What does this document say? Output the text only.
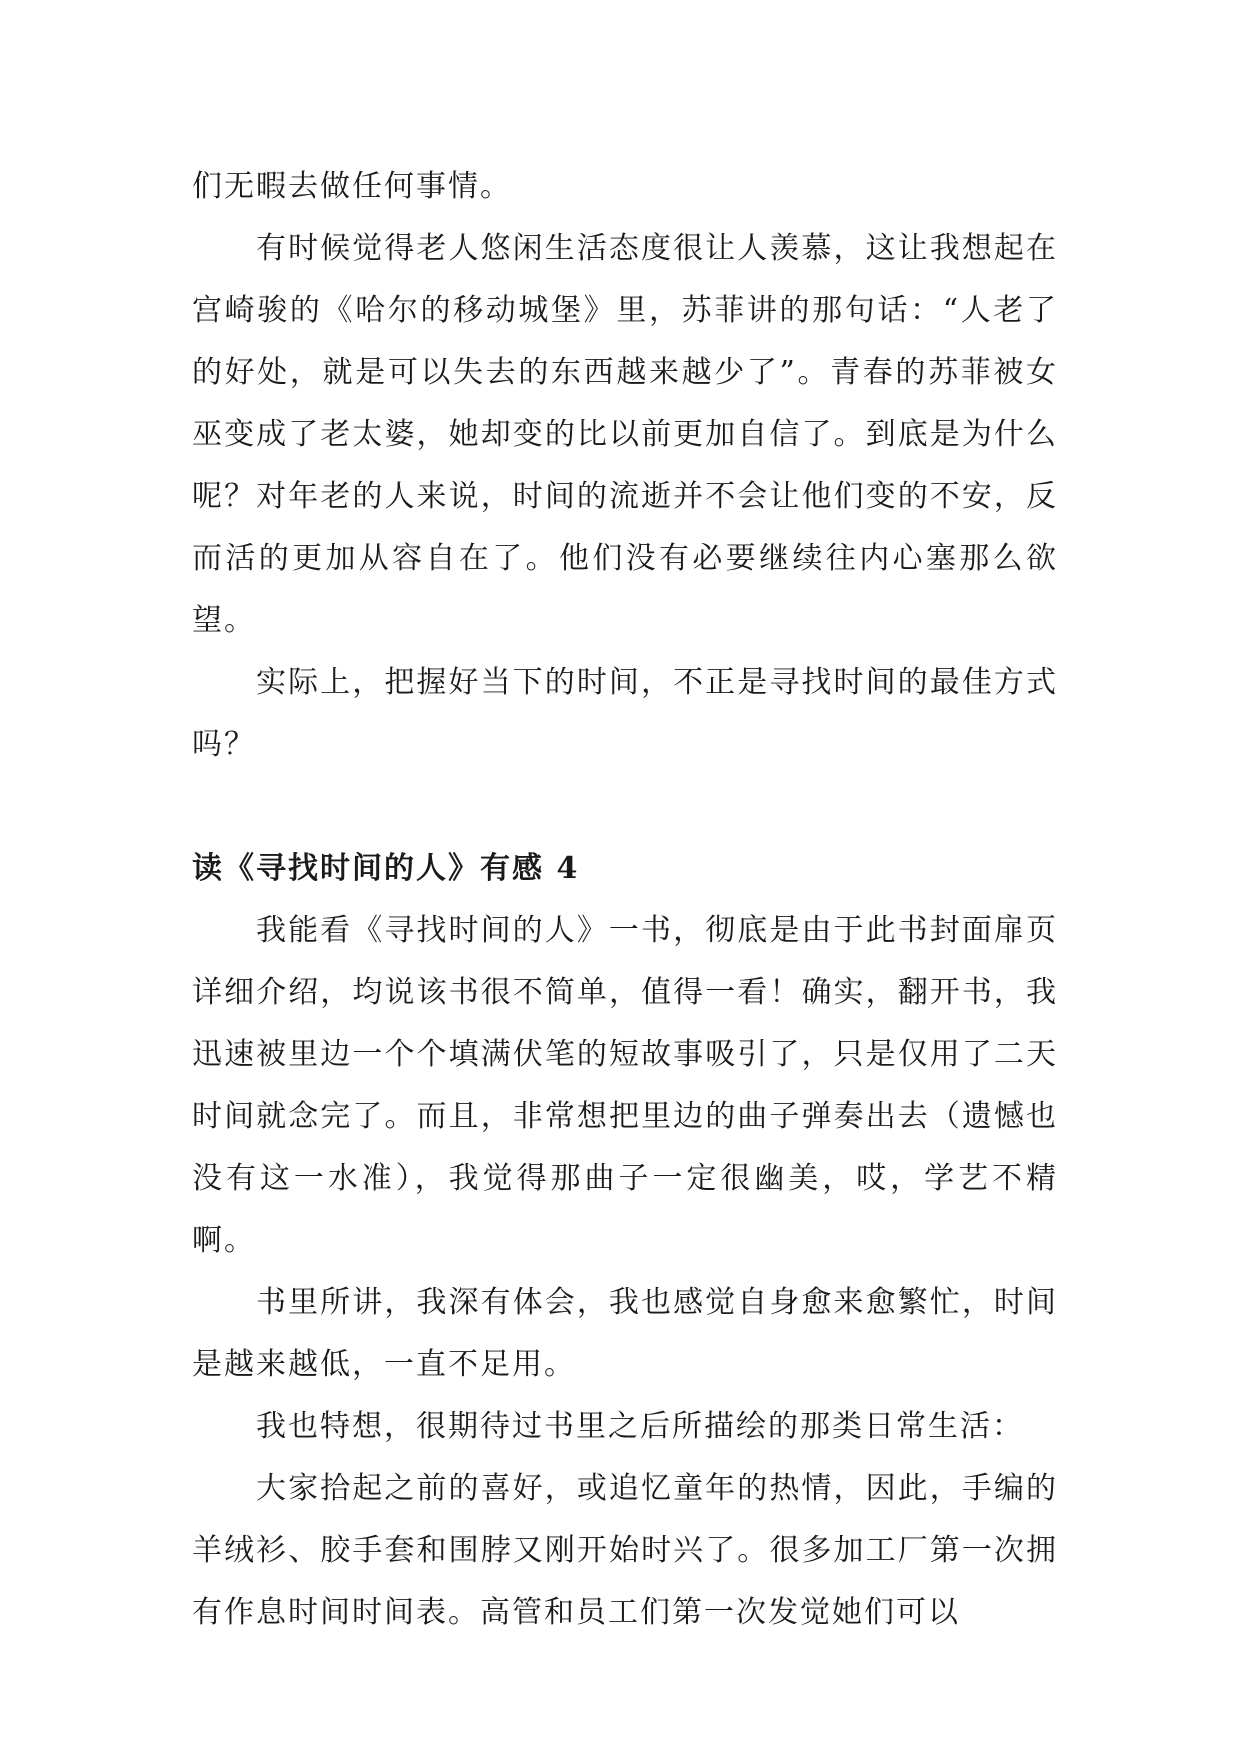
们无暇去做任何事情。

有时候觉得老人悠闲生活态度很让人羡慕，这让我想起在宫崎骏的《哈尔的移动城堡》里，苏菲讲的那句话：“人老了的好处，就是可以失去的东西越来越少了”。青春的苏菲被女巫变成了老太婆，她却变的比以前更加自信了。到底是为什么呢？对年老的人来说，时间的流逝并不会让他们变的不安，反而活的更加从容自在了。他们没有必要继续往内心塞那么欲望。

实际上，把握好当下的时间，不正是寻找时间的最佳方式吗？

读《寻找时间的人》有感 4

我能看《寻找时间的人》一书，彻底是由于此书封面扉页详细介绍，均说该书很不简单，值得一看！确实，翻开书，我迅速被里边一个个填满伏笔的短故事吸引了，只是仅用了二天时间就念完了。而且，非常想把里边的曲子弹奏出去（遗憾也没有这一水准），我觉得那曲子一定很幽美，哎，学艺不精啊。

书里所讲，我深有体会，我也感觉自身愈来愈繁忙，时间是越来越低，一直不足用。

我也特想，很期待过书里之后所描绘的那类日常生活：

大家拾起之前的喜好，或追忆童年的热情，因此，手编的羊绒衫、胶手套和围脖又刚开始时兴了。很多加工厂第一次拥有作息时间时间表。高管和员工们第一次发觉她们可以
